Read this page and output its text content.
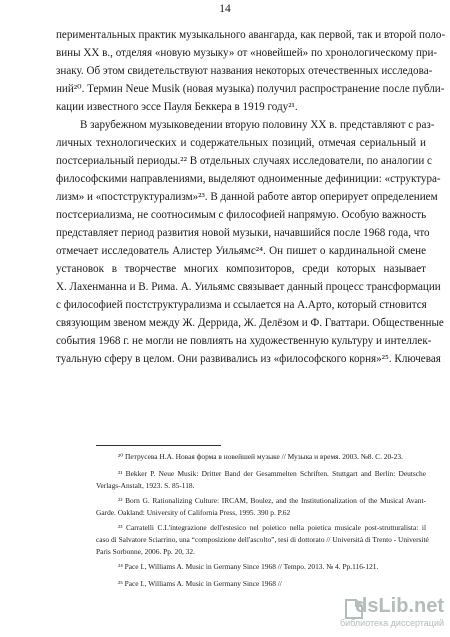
14
периментальных практик музыкального авангарда, как первой, так и второй поло-
вины XX в., отделяя «новую музыку» от «новейшей» по хронологическому при-
знаку. Об этом свидетельствуют названия некоторых отечественных исследова-
ний²⁰. Термин Neue Musik (новая музыка) получил распространение после публи-
кации известного эссе Пауля Беккера в 1919 году²¹.
В зарубежном музыковедении вторую половину XX в. представляют с раз-
личных технологических и содержательных позиций, отмечая сериальный и
постсериальный периоды.²² В отдельных случаях исследователи, по аналогии с
философскими направлениями, выделяют одноименные дефиниции: «структура-
лизм» и «постструктурализм»²³. В данной работе автор оперирует определением
постсериализма, не соотносимым с философией напрямую. Особую важность
представляет период развития новой музыки, начавшийся после 1968 года, что
отмечает исследователь Алистер Уильямс²⁴. Он пишет о кардинальной смене
установок в творчестве многих композиторов, среди которых называет
Х. Лахенманна и В. Рима. А. Уильямс связывает данный процесс трансформации
с философией постструктурализма и ссылается на А.Арто, который стновится
связующим звеном между Ж. Деррида, Ж. Делёзом и Ф. Гваттари. Общественные
события 1968 г. не могли не повлиять на художественную культуру и интеллек-
туальную сферу в целом. Они развивались из «философского корня»²⁵. Ключевая
²⁰ Петрусева Н.А. Новая форма в новейшей музыке // Музыка и время. 2003. №8. С. 20-23.
²¹ Bekker P. Neue Musik: Dritter Band der Gesammelten Schriften. Stuttgart and Berlin: Deutsche
Verlags-Anstalt, 1923. S. 85-118.
²² Born G. Rationalizing Culture: IRCAM, Boulez, and the Institutionalization of the Musical Avant-
Garde. Oakland: University of California Press, 1995. 390 p. P.62
²³ Carratelli C.L'integrazione dell'estesico nel poietico nella poietica musicale post-strutturalista: il
caso di Salvatore Sciarrino, una “composizione dell'ascolto”, tesi di dottorato // Università di Trento - Université
Paris Sorbonne, 2006. Pp. 20, 32.
²⁴ Pace I., Williams A. Music in Germany Since 1968 // Tempo. 2013. № 4. Pp.116-121.
²⁵ Pace I., Williams A. Music in Germany Since 1968 //
dsLib.net
библиотека диссертаций
